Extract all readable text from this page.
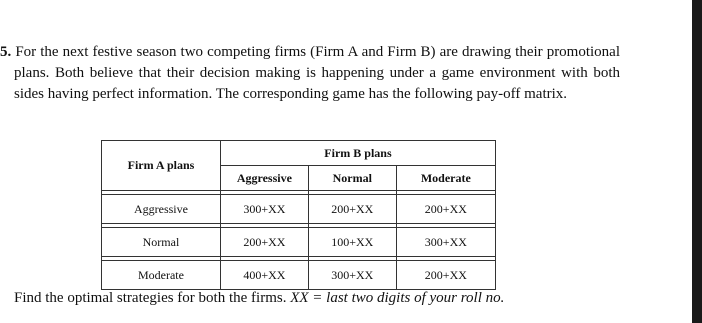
5. For the next festive season two competing firms (Firm A and Firm B) are drawing their promotional plans. Both believe that their decision making is happening under a game environment with both sides having perfect information. The corresponding game has the following pay-off matrix.
Firm A plans	Firm B plans		
	Aggressive	Normal	Moderate

Aggressive	300+XX	200+XX	200+XX

Normal	200+XX	100+XX	300+XX

Moderate	400+XX	300+XX	200+XX
Find the optimal strategies for both the firms. XX = last two digits of your roll no.
